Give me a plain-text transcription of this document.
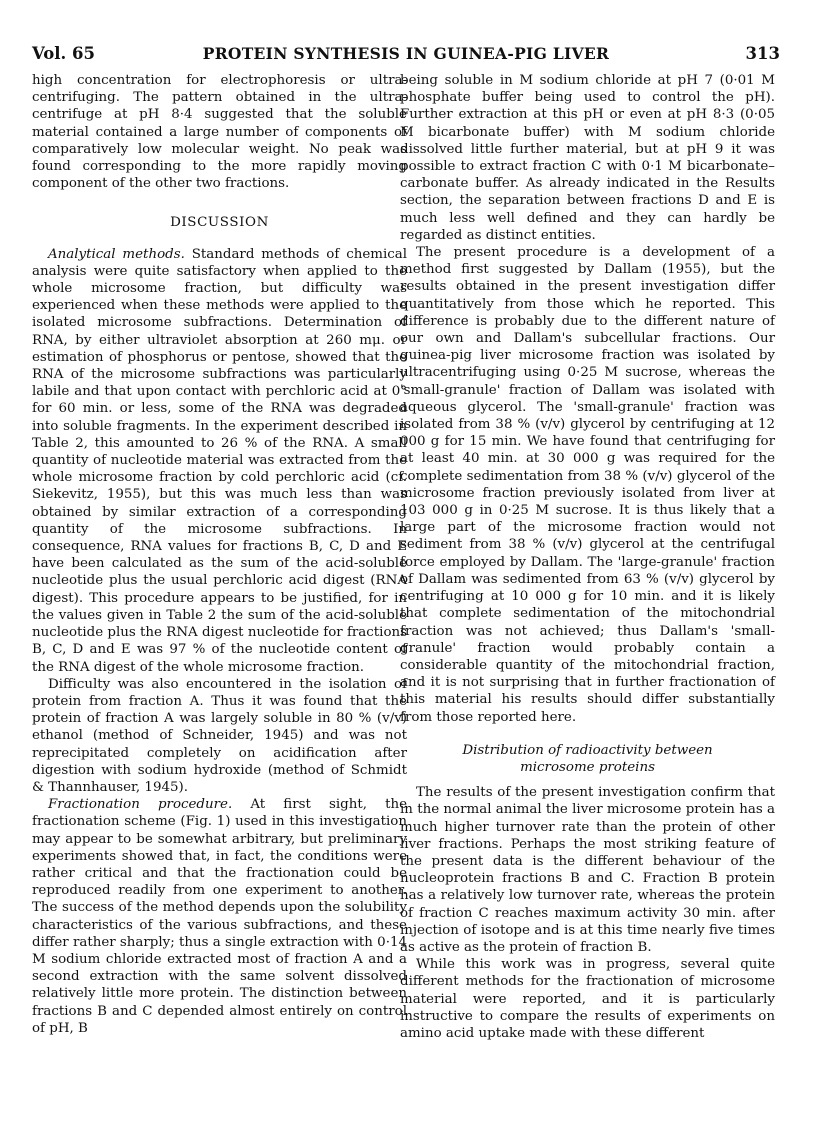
Vol. 65	PROTEIN SYNTHESIS IN GUINEA-PIG LIVER	313

high concentration for electrophoresis or ultra-centrifuging. The pattern obtained in the ultra-centrifuge at pH 8·4 suggested that the soluble material contained a large number of components of comparatively low molecular weight. No peak was found corresponding to the more rapidly moving component of the other two fractions.

DISCUSSION

Analytical methods. Standard methods of chemical analysis were quite satisfactory when applied to the whole microsome fraction, but difficulty was experienced when these methods were applied to the isolated microsome subfractions. Determination of RNA, by either ultraviolet absorption at 260 mμ. or estimation of phosphorus or pentose, showed that the RNA of the microsome subfractions was particularly labile and that upon contact with perchloric acid at 0° for 60 min. or less, some of the RNA was degraded into soluble fragments. In the experiment described in Table 2, this amounted to 26 % of the RNA. A small quantity of nucleotide material was extracted from the whole microsome fraction by cold perchloric acid (cf. Siekevitz, 1955), but this was much less than was obtained by similar extraction of a corresponding quantity of the microsome subfractions. In consequence, RNA values for fractions B, C, D and E have been calculated as the sum of the acid-soluble nucleotide plus the usual perchloric acid digest (RNA digest). This procedure appears to be justified, for in the values given in Table 2 the sum of the acid-soluble nucleotide plus the RNA digest nucleotide for fractions B, C, D and E was 97 % of the nucleotide content of the RNA digest of the whole microsome fraction.

Difficulty was also encountered in the isolation of protein from fraction A. Thus it was found that the protein of fraction A was largely soluble in 80 % (v/v) ethanol (method of Schneider, 1945) and was not reprecipitated completely on acidification after digestion with sodium hydroxide (method of Schmidt & Thannhauser, 1945).

Fractionation procedure. At first sight, the fractionation scheme (Fig. 1) used in this investigation may appear to be somewhat arbitrary, but preliminary experiments showed that, in fact, the conditions were rather critical and that the fractionation could be reproduced readily from one experiment to another. The success of the method depends upon the solubility characteristics of the various subfractions, and these differ rather sharply; thus a single extraction with 0·14 M sodium chloride extracted most of fraction A and a second extraction with the same solvent dissolved relatively little more protein. The distinction between fractions B and C depended almost entirely on control of pH, B

being soluble in M sodium chloride at pH 7 (0·01 M phosphate buffer being used to control the pH). Further extraction at this pH or even at pH 8·3 (0·05 M bicarbonate buffer) with M sodium chloride dissolved little further material, but at pH 9 it was possible to extract fraction C with 0·1 M bicarbonate–carbonate buffer. As already indicated in the Results section, the separation between fractions D and E is much less well defined and they can hardly be regarded as distinct entities.

The present procedure is a development of a method first suggested by Dallam (1955), but the results obtained in the present investigation differ quantitatively from those which he reported. This difference is probably due to the different nature of our own and Dallam's subcellular fractions. Our guinea-pig liver microsome fraction was isolated by ultracentrifuging using 0·25 M sucrose, whereas the 'small-granule' fraction of Dallam was isolated with aqueous glycerol. The 'small-granule' fraction was isolated from 38 % (v/v) glycerol by centrifuging at 12 000 g for 15 min. We have found that centrifuging for at least 40 min. at 30 000 g was required for the complete sedimentation from 38 % (v/v) glycerol of the microsome fraction previously isolated from liver at 103 000 g in 0·25 M sucrose. It is thus likely that a large part of the microsome fraction would not sediment from 38 % (v/v) glycerol at the centrifugal force employed by Dallam. The 'large-granule' fraction of Dallam was sedimented from 63 % (v/v) glycerol by centrifuging at 10 000 g for 10 min. and it is likely that complete sedimentation of the mitochondrial fraction was not achieved; thus Dallam's 'small-granule' fraction would probably contain a considerable quantity of the mitochondrial fraction, and it is not surprising that in further fractionation of this material his results should differ substantially from those reported here.

Distribution of radioactivity between

microsome proteins

The results of the present investigation confirm that in the normal animal the liver microsome protein has a much higher turnover rate than the protein of other liver fractions. Perhaps the most striking feature of the present data is the different behaviour of the nucleoprotein fractions B and C. Fraction B protein has a relatively low turnover rate, whereas the protein of fraction C reaches maximum activity 30 min. after injection of isotope and is at this time nearly five times as active as the protein of fraction B.

While this work was in progress, several quite different methods for the fractionation of microsome material were reported, and it is particularly instructive to compare the results of experiments on amino acid uptake made with these different
